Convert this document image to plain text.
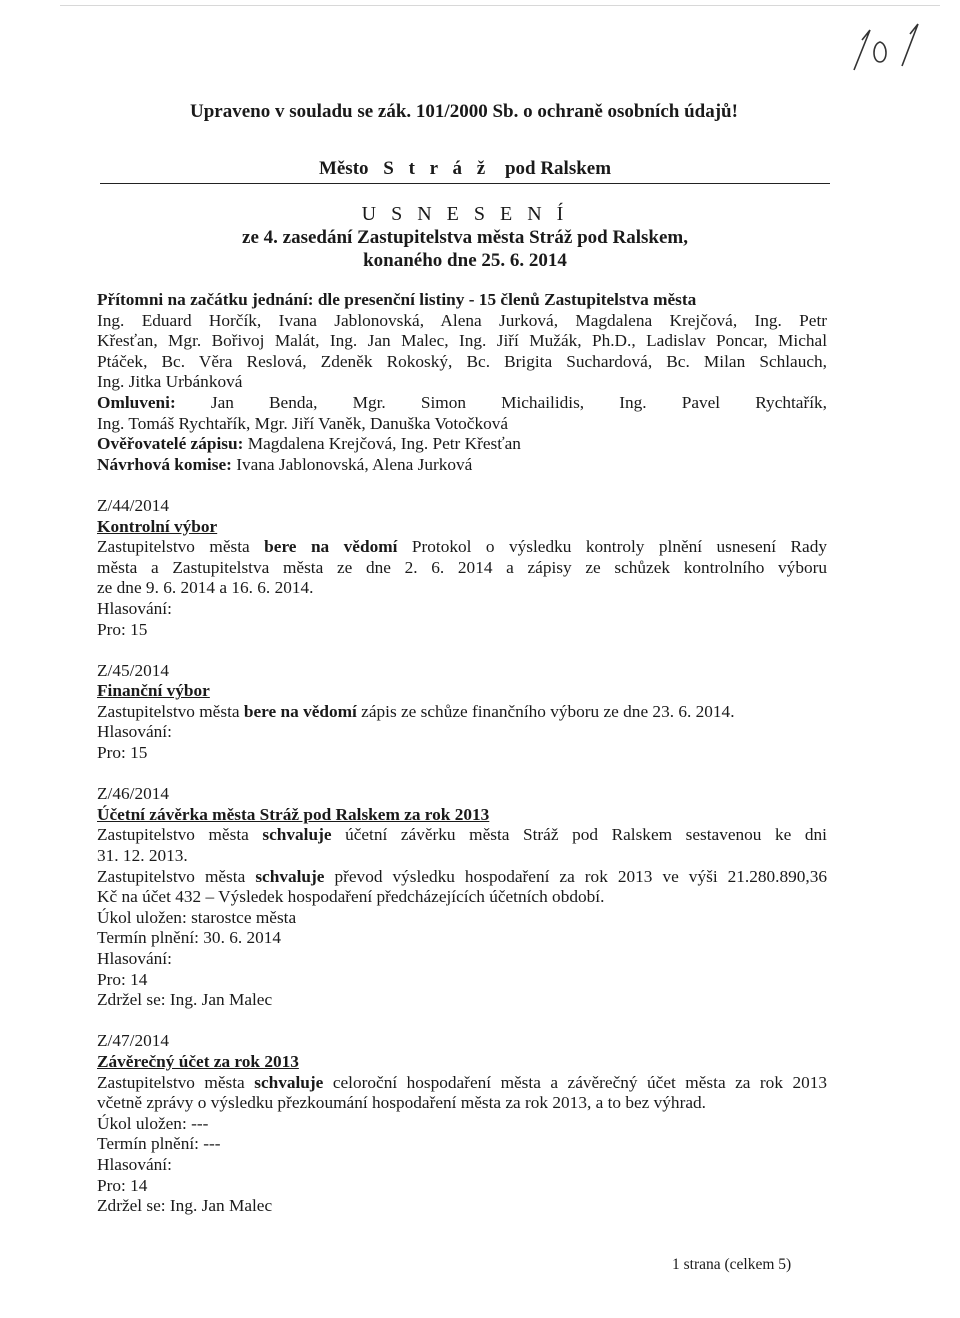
Upraveno v souladu se zák. 101/2000 Sb. o ochraně osobních údajů!
Město S t r á ž pod Ralskem
U S N E S E N Í
ze 4. zasedání Zastupitelstva města Stráž pod Ralskem,
konaného dne 25. 6. 2014

Přítomni na začátku jednání: dle presenční listiny - 15 členů Zastupitelstva města

Ing. Eduard Horčík, Ivana Jablonovská, Alena Jurková, Magdalena Krejčová, Ing. Petr

Křesťan, Mgr. Bořivoj Malát, Ing. Jan Malec, Ing. Jiří Mužák, Ph.D., Ladislav Poncar, Michal

Ptáček, Bc. Věra Reslová, Zdeněk Rokoský, Bc. Brigita Suchardová, Bc. Milan Schlauch,

Ing. Jitka Urbánková

Omluveni: Jan Benda, Mgr. Simon Michailidis, Ing. Pavel Rychtařík,

Ing. Tomáš Rychtařík, Mgr. Jiří Vaněk, Danuška Votočková

Ověřovatelé zápisu: Magdalena Krejčová, Ing. Petr Křesťan

Návrhová komise: Ivana Jablonovská, Alena Jurková

Z/44/2014

Kontrolní výbor

Zastupitelstvo města bere na vědomí Protokol o výsledku kontroly plnění usnesení Rady

města a Zastupitelstva města ze dne 2. 6. 2014 a zápisy ze schůzek kontrolního výboru

ze dne 9. 6. 2014 a 16. 6. 2014.

Hlasování:

Pro: 15

Z/45/2014

Finanční výbor

Zastupitelstvo města bere na vědomí zápis ze schůze finančního výboru ze dne 23. 6. 2014.

Hlasování:

Pro: 15

Z/46/2014

Účetní závěrka města Stráž pod Ralskem za rok 2013

Zastupitelstvo města schvaluje účetní závěrku města Stráž pod Ralskem sestavenou ke dni

31. 12. 2013.

Zastupitelstvo města schvaluje převod výsledku hospodaření za rok 2013 ve výši 21.280.890,36

Kč na účet 432 – Výsledek hospodaření předcházejících účetních období.

Úkol uložen: starostce města

Termín plnění: 30. 6. 2014

Hlasování:

Pro: 14

Zdržel se: Ing. Jan Malec

Z/47/2014

Závěrečný účet za rok 2013

Zastupitelstvo města schvaluje celoroční hospodaření města a závěrečný účet města za rok 2013

včetně zprávy o výsledku přezkoumání hospodaření města za rok 2013, a to bez výhrad.

Úkol uložen: ---

Termín plnění: ---

Hlasování:

Pro: 14

Zdržel se: Ing. Jan Malec

1 strana (celkem 5)
